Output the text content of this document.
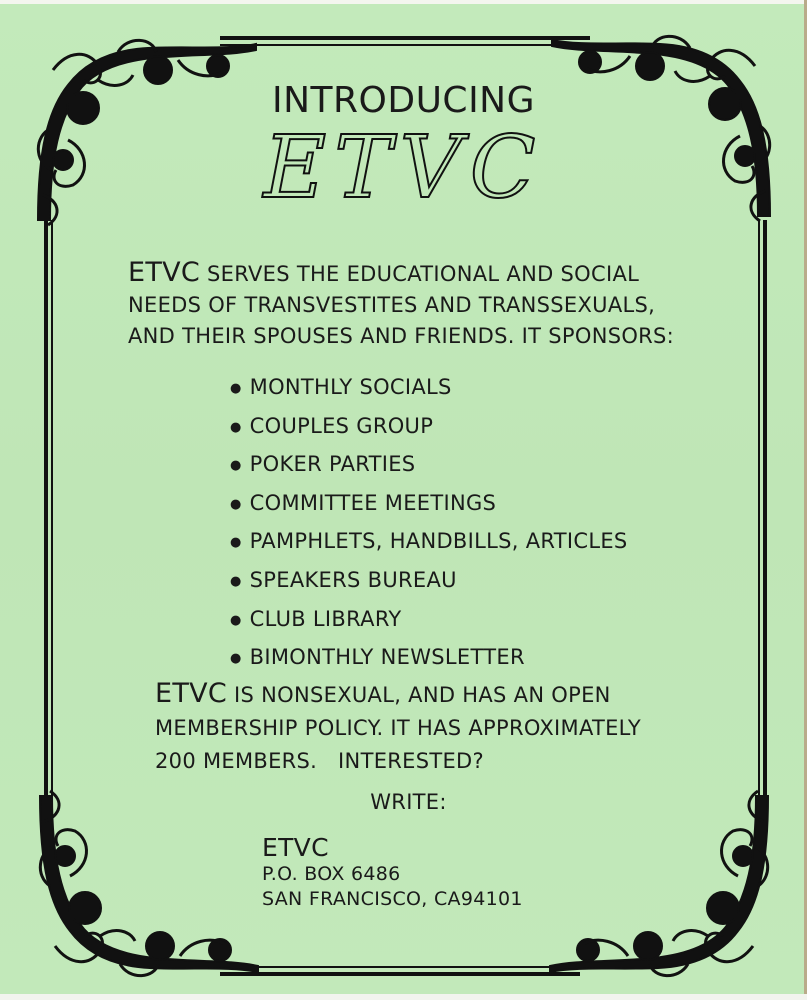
INTRODUCING
ETVC
ETVC SERVES THE EDUCATIONAL AND SOCIAL
NEEDS OF TRANSVESTITES AND TRANSSEXUALS,
AND THEIR SPOUSES AND FRIENDS. IT SPONSORS:
● MONTHLY SOCIALS
● COUPLES GROUP
● POKER PARTIES
● COMMITTEE MEETINGS
● PAMPHLETS, HANDBILLS, ARTICLES
● SPEAKERS BUREAU
● CLUB LIBRARY
● BIMONTHLY NEWSLETTER
ETVC IS NONSEXUAL, AND HAS AN OPEN
MEMBERSHIP POLICY. IT HAS APPROXIMATELY
200 MEMBERS.   INTERESTED?
WRITE:
ETVC
P.O. BOX 6486
SAN FRANCISCO, CA94101
